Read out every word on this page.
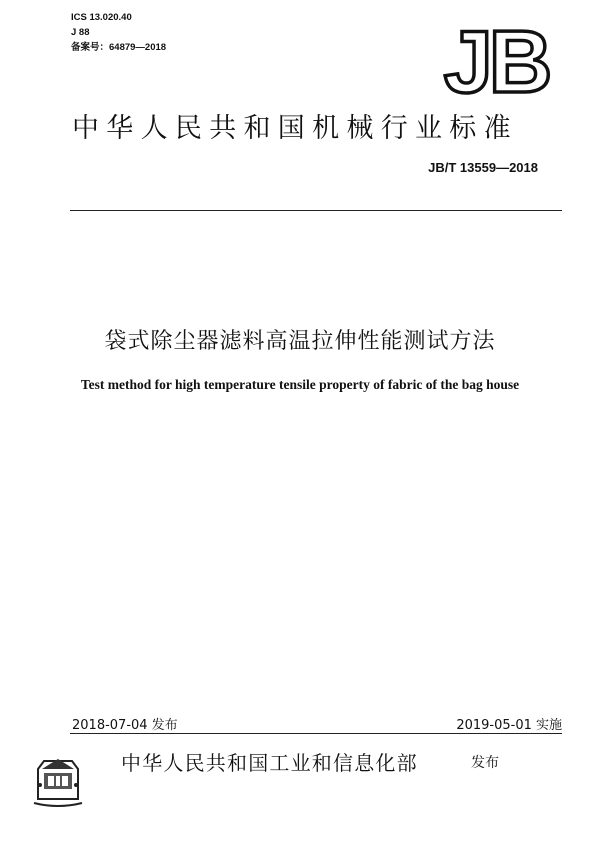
ICS 13.020.40
J 88
备案号：64879—2018	JB
中华人民共和国机械行业标准
JB/T 13559—2018
袋式除尘器滤料高温拉伸性能测试方法
Test method for high temperature tensile property of fabric of the bag house
2018-07-04 发布	2019-05-01 实施
中华人民共和国工业和信息化部	发布
